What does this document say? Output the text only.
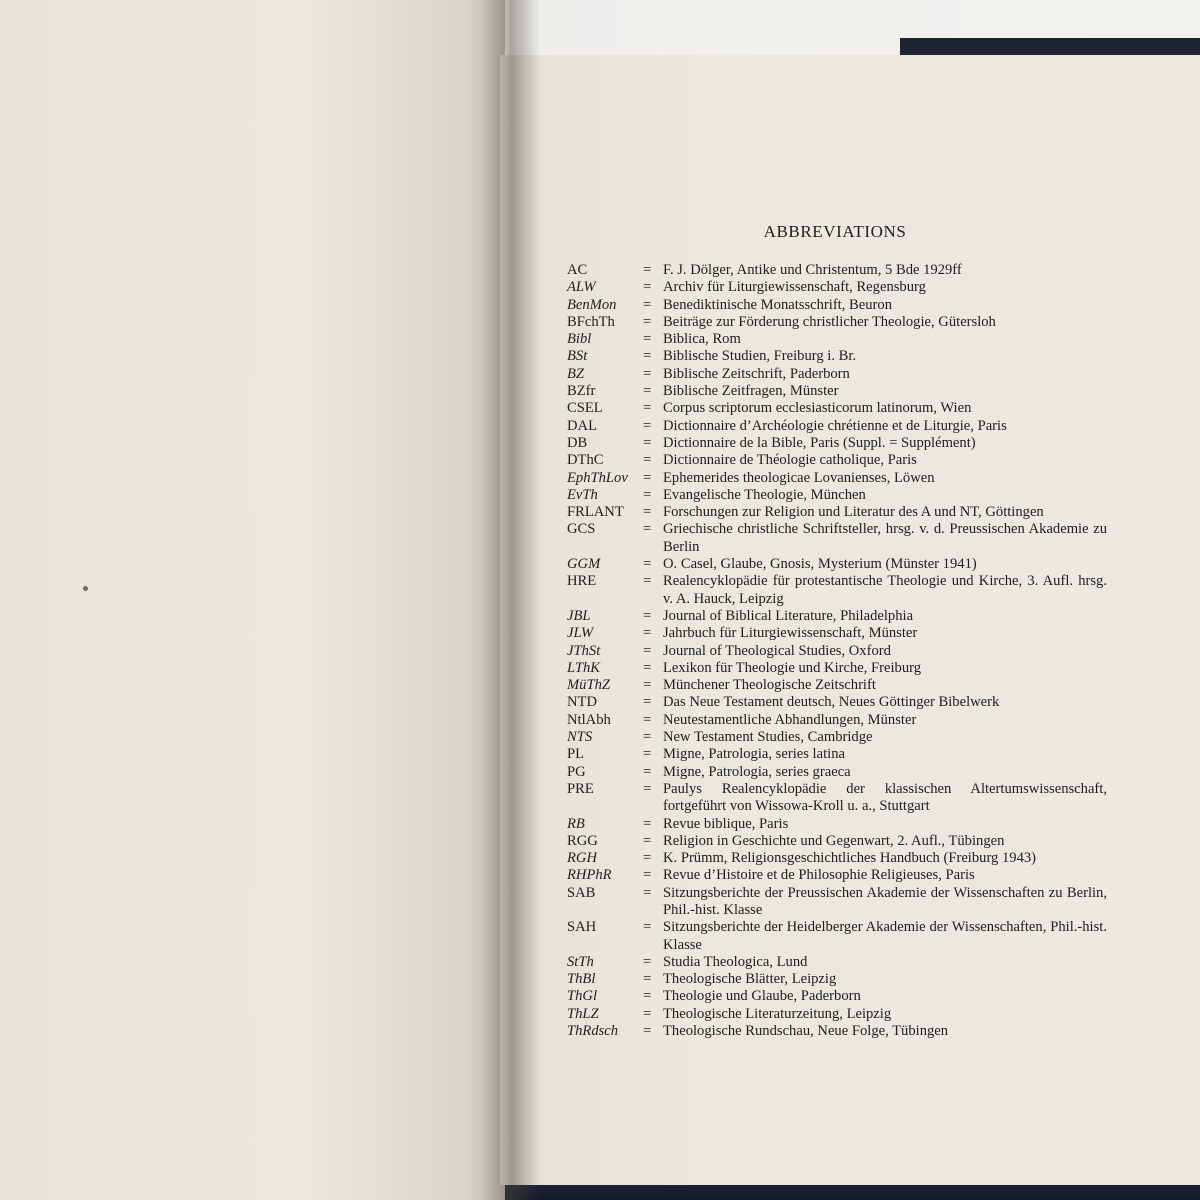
ABBREVIATIONS
AC	= F. J. Dölger, Antike und Christentum, 5 Bde 1929ff
ALW	= Archiv für Liturgiewissenschaft, Regensburg
BenMon	= Benediktinische Monatsschrift, Beuron
BFchTh	= Beiträge zur Förderung christlicher Theologie, Gütersloh
Bibl	= Biblica, Rom
BSt	= Biblische Studien, Freiburg i. Br.
BZ	= Biblische Zeitschrift, Paderborn
BZfr	= Biblische Zeitfragen, Münster
CSEL	= Corpus scriptorum ecclesiasticorum latinorum, Wien
DAL	= Dictionnaire d’Archéologie chrétienne et de Liturgie, Paris
DB	= Dictionnaire de la Bible, Paris (Suppl. = Supplément)
DThC	= Dictionnaire de Théologie catholique, Paris
EphThLov	= Ephemerides theologicae Lovanienses, Löwen
EvTh	= Evangelische Theologie, München
FRLANT	= Forschungen zur Religion und Literatur des A und NT, Göttingen
GCS	= Griechische christliche Schriftsteller, hrsg. v. d. Preussischen Akademie zu Berlin
GGM	= O. Casel, Glaube, Gnosis, Mysterium (Münster 1941)
HRE	= Realencyklopädie für protestantische Theologie und Kirche, 3. Aufl. hrsg. v. A. Hauck, Leipzig
JBL	= Journal of Biblical Literature, Philadelphia
JLW	= Jahrbuch für Liturgiewissenschaft, Münster
JThSt	= Journal of Theological Studies, Oxford
LThK	= Lexikon für Theologie und Kirche, Freiburg
MüThZ	= Münchener Theologische Zeitschrift
NTD	= Das Neue Testament deutsch, Neues Göttinger Bibelwerk
NtlAbh	= Neutestamentliche Abhandlungen, Münster
NTS	= New Testament Studies, Cambridge
PL	= Migne, Patrologia, series latina
PG	= Migne, Patrologia, series graeca
PRE	= Paulys Realencyklopädie der klassischen Altertumswissenschaft, fortgeführt von Wissowa-Kroll u. a., Stuttgart
RB	= Revue biblique, Paris
RGG	= Religion in Geschichte und Gegenwart, 2. Aufl., Tübingen
RGH	= K. Prümm, Religionsgeschichtliches Handbuch (Freiburg 1943)
RHPhR	= Revue d’Histoire et de Philosophie Religieuses, Paris
SAB	= Sitzungsberichte der Preussischen Akademie der Wissenschaften zu Berlin, Phil.-hist. Klasse
SAH	= Sitzungsberichte der Heidelberger Akademie der Wissenschaften, Phil.-hist. Klasse
StTh	= Studia Theologica, Lund
ThBl	= Theologische Blätter, Leipzig
ThGl	= Theologie und Glaube, Paderborn
ThLZ	= Theologische Literaturzeitung, Leipzig
ThRdsch	= Theologische Rundschau, Neue Folge, Tübingen
